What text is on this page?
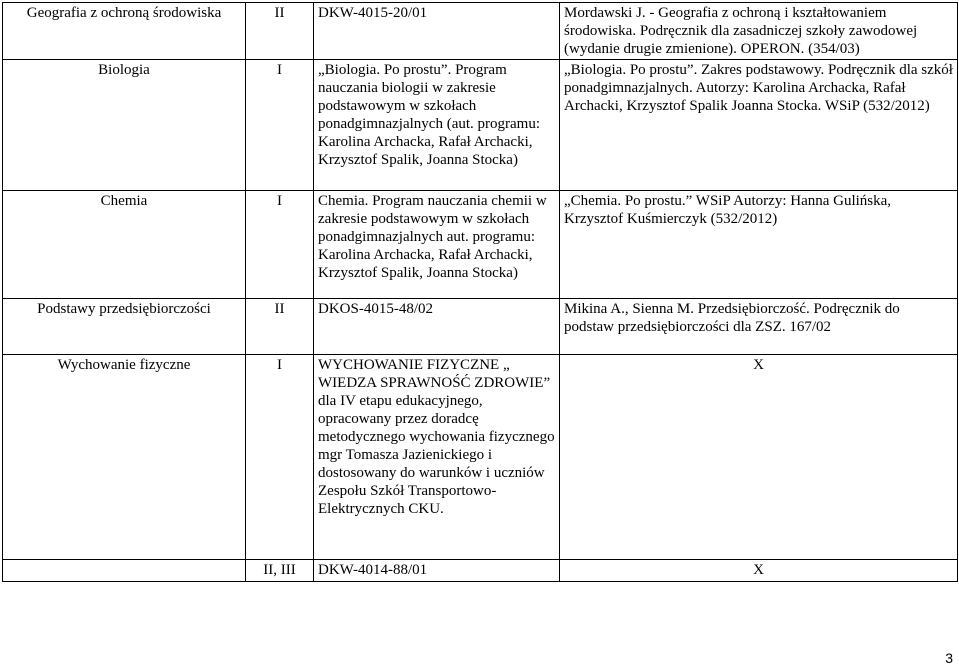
Geografia z ochroną środowiska	II	DKW-4015-20/01	Mordawski J. - Geografia z ochroną i kształtowaniem środowiska. Podręcznik dla zasadniczej szkoły zawodowej (wydanie drugie zmienione). OPERON. (354/03)
Biologia	I	„Biologia. Po prostu”. Program nauczania biologii w zakresie podstawowym w szkołach ponadgimnazjalnych (aut. programu: Karolina Archacka, Rafał Archacki, Krzysztof Spalik, Joanna Stocka)	„Biologia. Po prostu”. Zakres podstawowy. Podręcznik dla szkół ponadgimnazjalnych. Autorzy: Karolina Archacka, Rafał Archacki, Krzysztof Spalik Joanna Stocka. WSiP (532/2012)
Chemia	I	Chemia. Program nauczania chemii w zakresie podstawowym w szkołach ponadgimnazjalnych aut. programu: Karolina Archacka, Rafał Archacki, Krzysztof Spalik, Joanna Stocka)	„Chemia. Po prostu.” WSiP Autorzy: Hanna Gulińska, Krzysztof Kuśmierczyk (532/2012)
Podstawy przedsiębiorczości	II	DKOS-4015-48/02	Mikina A., Sienna M. Przedsiębiorczość. Podręcznik do podstaw przedsiębiorczości dla ZSZ. 167/02
Wychowanie fizyczne	I	WYCHOWANIE FIZYCZNE „ WIEDZA SPRAWNOŚĆ ZDROWIE” dla IV etapu edukacyjnego, opracowany przez doradcę metodycznego wychowania fizycznego mgr Tomasza Jazienickiego i dostosowany do warunków i uczniów Zespołu Szkół Transportowo- Elektrycznych CKU.	X
	II, III	DKW-4014-88/01	X
3
